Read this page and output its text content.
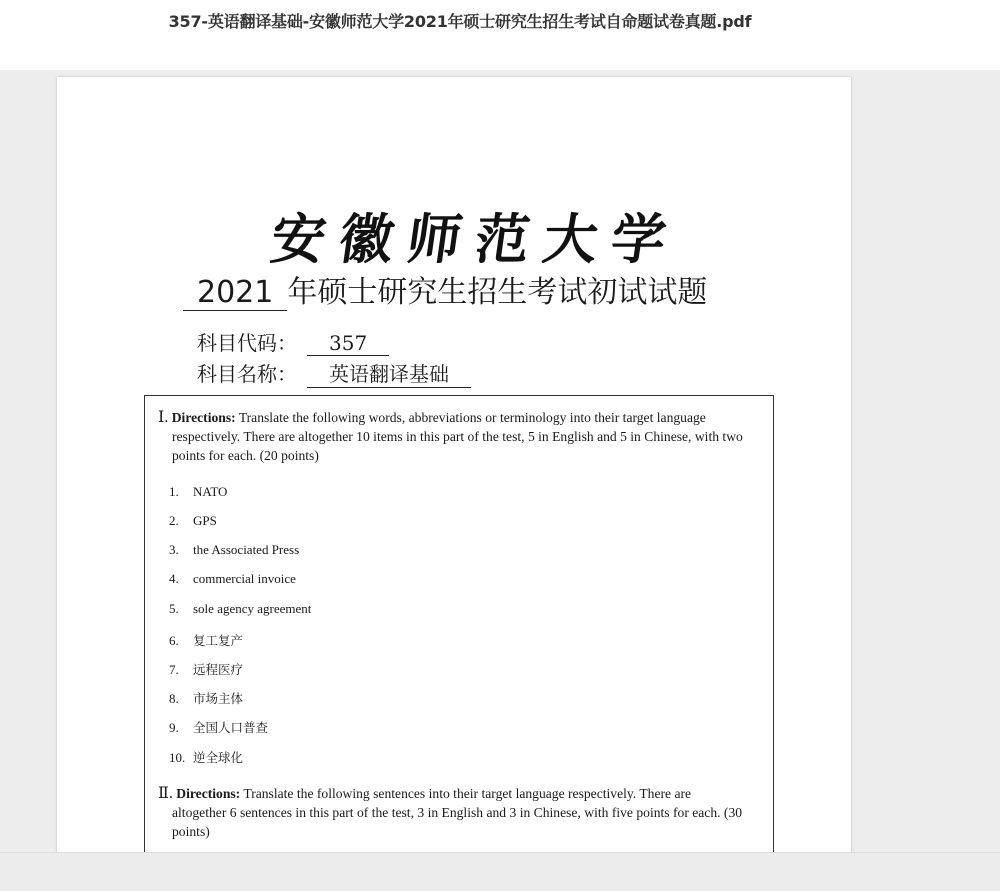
357-英语翻译基础-安徽师范大学2021年硕士研究生招生考试自命题试卷真题.pdf
安徽师范大学
2021 年硕士研究生招生考试初试试题
科目代码： 357
科目名称： 英语翻译基础
Ⅰ. Directions: Translate the following words, abbreviations or terminology into their target language
respectively. There are altogether 10 items in this part of the test, 5 in English and 5 in Chinese, with two points for each. (20 points)
1. NATO
2. GPS
3. the Associated Press
4. commercial invoice
5. sole agency agreement
6. 复工复产
7. 远程医疗
8. 市场主体
9. 全国人口普查
10. 逆全球化
Ⅱ. Directions: Translate the following sentences into their target language respectively. There are
altogether 6 sentences in this part of the test, 3 in English and 3 in Chinese, with five points for each. (30 points)
